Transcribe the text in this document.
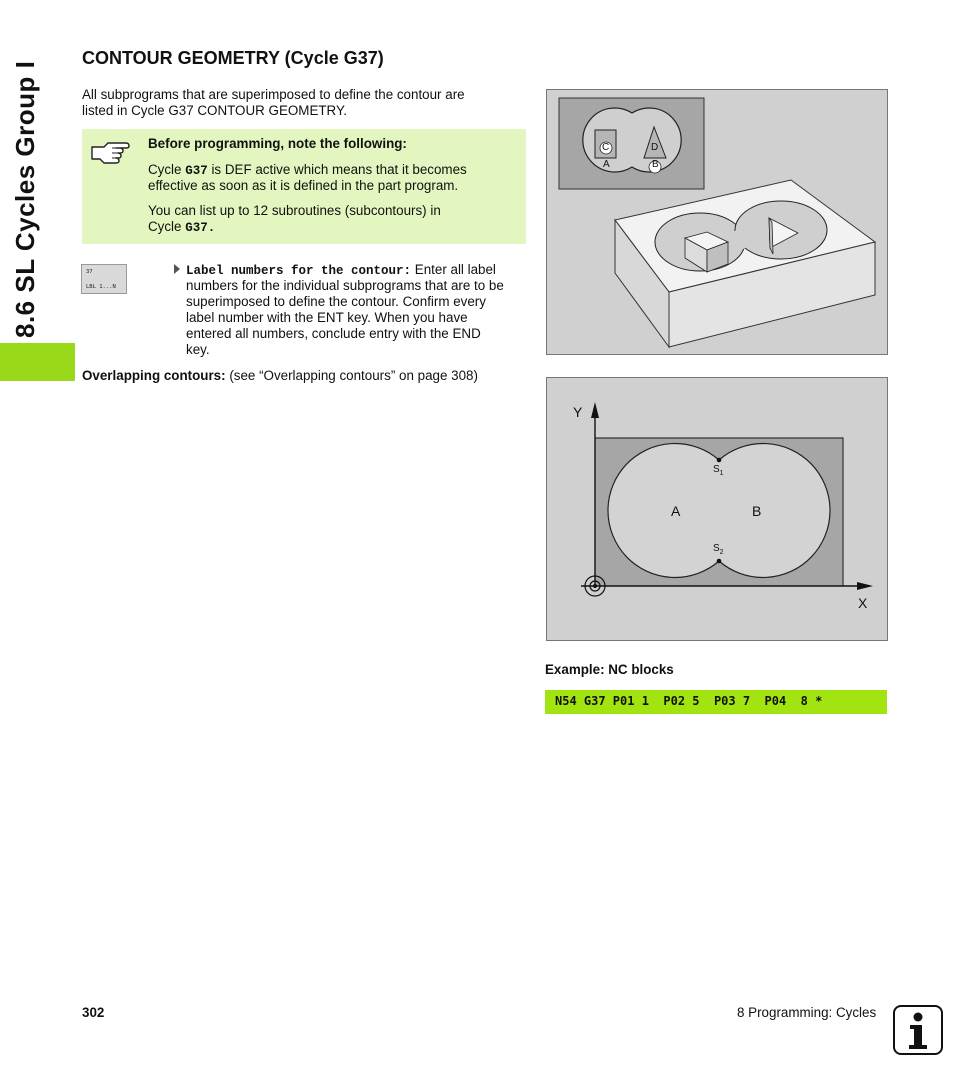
8.6 SL Cycles Group I
CONTOUR GEOMETRY (Cycle G37)
All subprograms that are superimposed to define the contour are
listed in Cycle G37 CONTOUR GEOMETRY.
Before programming, note the following:
Cycle G37 is DEF active which means that it becomes
effective as soon as it is defined in the part program.
You can list up to 12 subroutines (subcontours) in
Cycle G37.
37
LBL 1...N
Label numbers for the contour: Enter all label
numbers for the individual subprograms that are to be
superimposed to define the contour. Confirm every
label number with the ENT key. When you have
entered all numbers, conclude entry with the END
key.
Overlapping contours: (see “Overlapping contours” on page 308)
C	D
A	B
Y
X
A	B
$S_1$
$S_2$
Example: NC blocks
N54 G37 P01 1  P02 5  P03 7  P04  8 *
302	8 Programming: Cycles
